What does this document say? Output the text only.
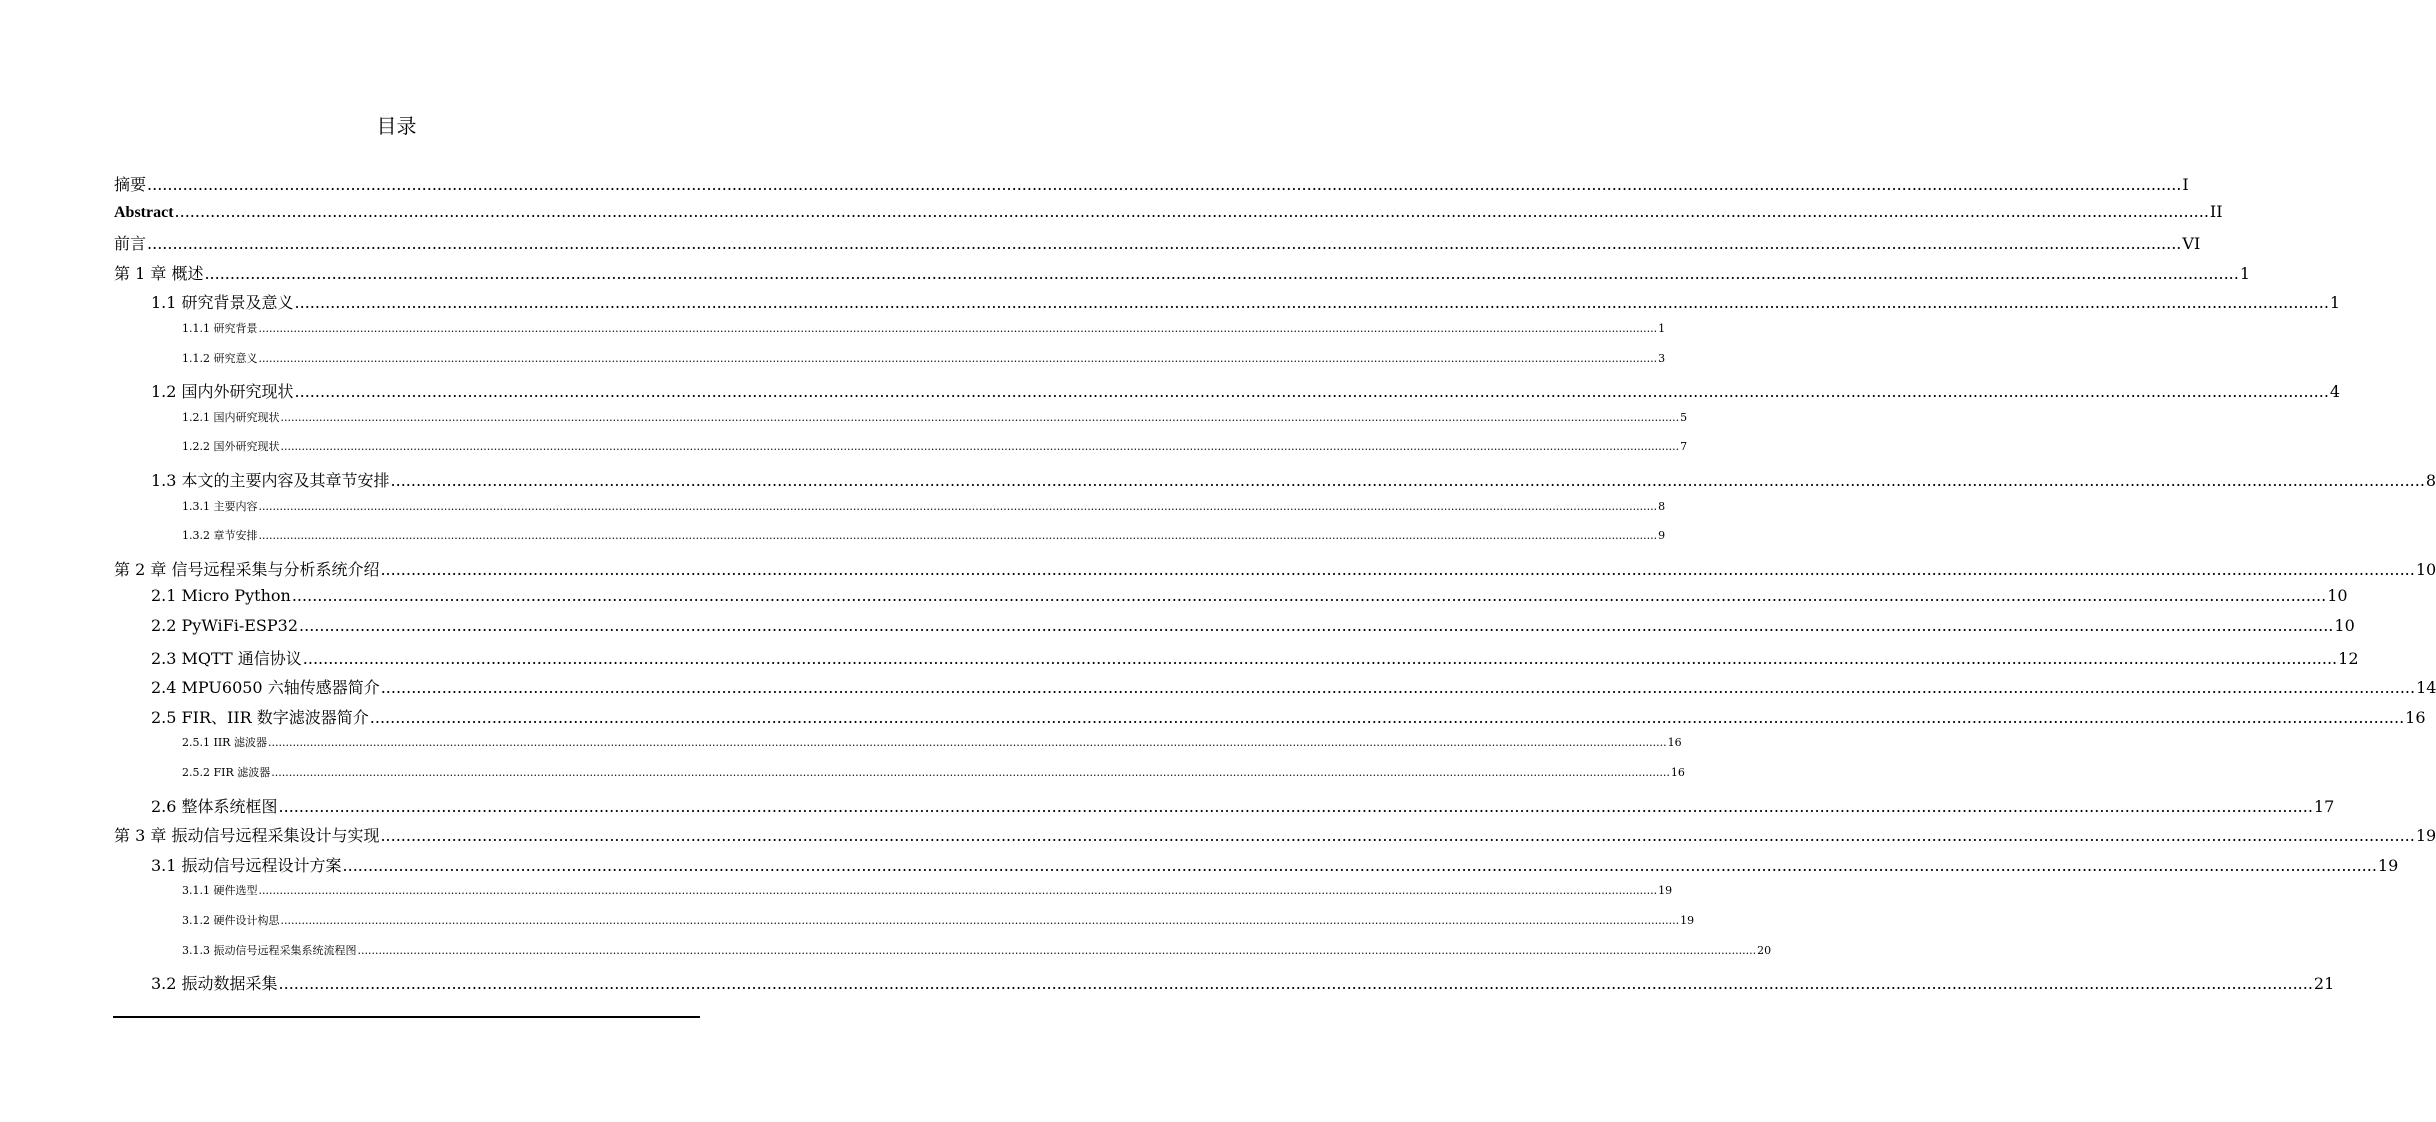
目录
摘要 ................................................................................................................................................................................................................................................................................................................................................................................................................ I
Abstract ................................................................................................................................................................................................................................................................................................................................................................................................................ II
前言 ................................................................................................................................................................................................................................................................................................................................................................................................................ VI
第 1 章 概述 ................................................................................................................................................................................................................................................................................................................................................................................................................ 1
1.1 研究背景及意义 ................................................................................................................................................................................................................................................................................................................................................................................................................ 1
1.1.1 研究背景 ................................................................................................................................................................................................................................................................................................................................................................................................................ 1
1.1.2 研究意义 ................................................................................................................................................................................................................................................................................................................................................................................................................ 3
1.2 国内外研究现状 ................................................................................................................................................................................................................................................................................................................................................................................................................ 4
1.2.1 国内研究现状 ................................................................................................................................................................................................................................................................................................................................................................................................................ 5
1.2.2 国外研究现状 ................................................................................................................................................................................................................................................................................................................................................................................................................ 7
1.3 本文的主要内容及其章节安排 ................................................................................................................................................................................................................................................................................................................................................................................................................ 8
1.3.1 主要内容 ................................................................................................................................................................................................................................................................................................................................................................................................................ 8
1.3.2 章节安排 ................................................................................................................................................................................................................................................................................................................................................................................................................ 9
第 2 章 信号远程采集与分析系统介绍 ................................................................................................................................................................................................................................................................................................................................................................................................................ 10
2.1 Micro Python ................................................................................................................................................................................................................................................................................................................................................................................................................ 10
2.2 PyWiFi-ESP32 ................................................................................................................................................................................................................................................................................................................................................................................................................ 10
2.3 MQTT 通信协议 ................................................................................................................................................................................................................................................................................................................................................................................................................ 12
2.4 MPU6050 六轴传感器简介 ................................................................................................................................................................................................................................................................................................................................................................................................................ 14
2.5 FIR、IIR 数字滤波器简介 ................................................................................................................................................................................................................................................................................................................................................................................................................ 16
2.5.1 IIR 滤波器 ................................................................................................................................................................................................................................................................................................................................................................................................................ 16
2.5.2 FIR 滤波器 ................................................................................................................................................................................................................................................................................................................................................................................................................ 16
2.6 整体系统框图 ................................................................................................................................................................................................................................................................................................................................................................................................................ 17
第 3 章 振动信号远程采集设计与实现 ................................................................................................................................................................................................................................................................................................................................................................................................................ 19
3.1 振动信号远程设计方案 ................................................................................................................................................................................................................................................................................................................................................................................................................ 19
3.1.1 硬件选型 ................................................................................................................................................................................................................................................................................................................................................................................................................ 19
3.1.2 硬件设计构思 ................................................................................................................................................................................................................................................................................................................................................................................................................ 19
3.1.3 振动信号远程采集系统流程图 ................................................................................................................................................................................................................................................................................................................................................................................................................ 20
3.2 振动数据采集 ................................................................................................................................................................................................................................................................................................................................................................................................................ 21
